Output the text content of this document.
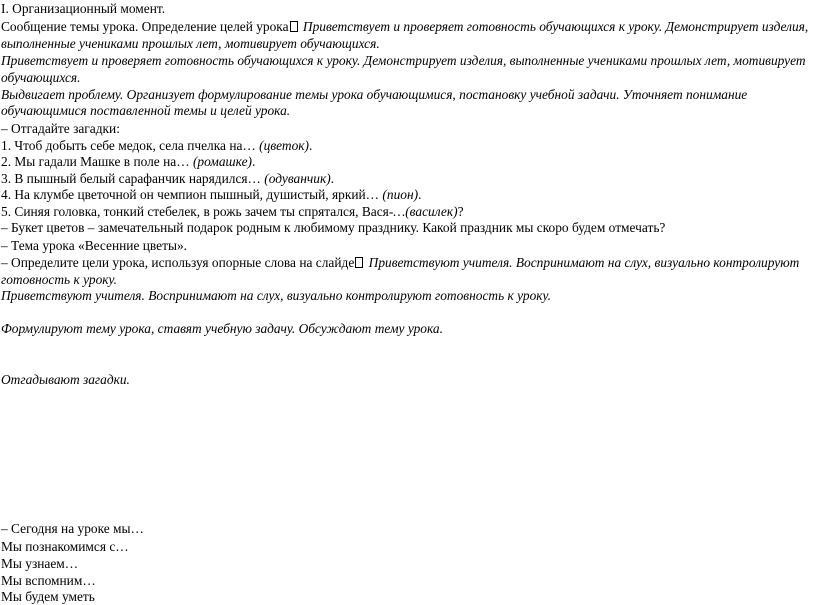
I. Организационный момент.
Сообщение темы урока. Определение целей урока Приветствует и проверяет готовность обучающихся к уроку. Демонстрирует изделия,
выполненные учениками прошлых лет, мотивирует обучающихся.
Приветствует и проверяет готовность обучающихся к уроку. Демонстрирует изделия, выполненные учениками прошлых лет, мотивирует
обучающихся.
Выдвигает проблему. Организует формулирование темы урока обучающимися, постановку учебной задачи. Уточняет понимание
обучающимися поставленной темы и целей урока.
– Отгадайте загадки:
1. Чтоб добыть себе медок, села пчелка на… (цветок).
2. Мы гадали Машке в поле на… (ромашке).
3. В пышный белый сарафанчик нарядился… (одуванчик).
4. На клумбе цветочной он чемпион пышный, душистый, яркий… (пион).
5. Синяя головка, тонкий стебелек, в рожь зачем ты спрятался, Вася-…(василек)?
– Букет цветов – замечательный подарок родным к любимому празднику. Какой праздник мы скоро будем отмечать?
– Тема урока «Весенние цветы».
– Определите цели урока, используя опорные слова на слайде Приветствуют учителя. Воспринимают на слух, визуально контролируют
готовность к уроку.
Приветствуют учителя. Воспринимают на слух, визуально контролируют готовность к уроку.
Формулируют тему урока, ставят учебную задачу. Обсуждают тему урока.
Отгадывают загадки.
– Сегодня на уроке мы…
Мы познакомимся с…
Мы узнаем…
Мы вспомним…
Мы будем уметь
